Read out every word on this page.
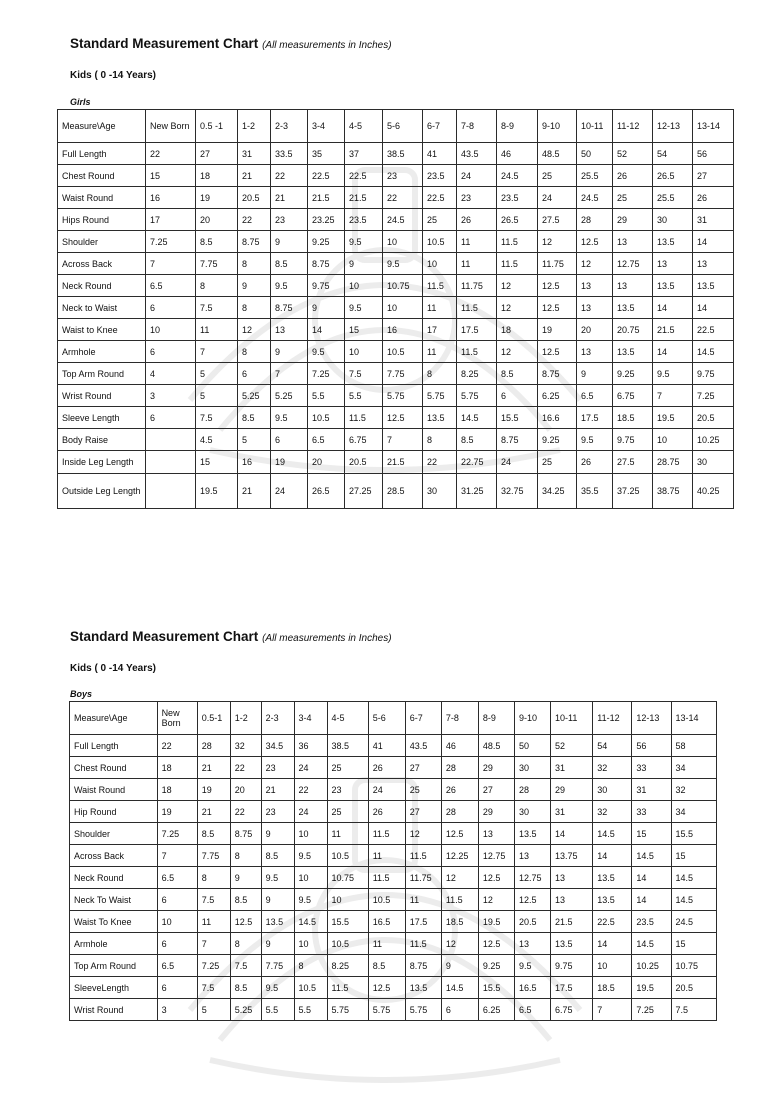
Standard Measurement Chart (All measurements in Inches)

Kids ( 0 -14 Years)

Girls

Measure\Age	New Born	0.5 -1	1-2	2-3	3-4	4-5	5-6	6-7	7-8	8-9	9-10	10-11	11-12	12-13	13-14
Full Length	22	27	31	33.5	35	37	38.5	41	43.5	46	48.5	50	52	54	56
Chest Round	15	18	21	22	22.5	22.5	23	23.5	24	24.5	25	25.5	26	26.5	27
Waist Round	16	19	20.5	21	21.5	21.5	22	22.5	23	23.5	24	24.5	25	25.5	26
Hips Round	17	20	22	23	23.25	23.5	24.5	25	26	26.5	27.5	28	29	30	31
Shoulder	7.25	8.5	8.75	9	9.25	9.5	10	10.5	11	11.5	12	12.5	13	13.5	14
Across Back	7	7.75	8	8.5	8.75	9	9.5	10	11	11.5	11.75	12	12.75	13	13
Neck Round	6.5	8	9	9.5	9.75	10	10.75	11.5	11.75	12	12.5	13	13	13.5	13.5
Neck to Waist	6	7.5	8	8.75	9	9.5	10	11	11.5	12	12.5	13	13.5	14	14
Waist to Knee	10	11	12	13	14	15	16	17	17.5	18	19	20	20.75	21.5	22.5
Armhole	6	7	8	9	9.5	10	10.5	11	11.5	12	12.5	13	13.5	14	14.5
Top Arm Round	4	5	6	7	7.25	7.5	7.75	8	8.25	8.5	8.75	9	9.25	9.5	9.75
Wrist Round	3	5	5.25	5.25	5.5	5.5	5.75	5.75	5.75	6	6.25	6.5	6.75	7	7.25
Sleeve Length	6	7.5	8.5	9.5	10.5	11.5	12.5	13.5	14.5	15.5	16.6	17.5	18.5	19.5	20.5
Body Raise		4.5	5	6	6.5	6.75	7	8	8.5	8.75	9.25	9.5	9.75	10	10.25
Inside Leg Length		15	16	19	20	20.5	21.5	22	22.75	24	25	26	27.5	28.75	30
Outside Leg Length		19.5	21	24	26.5	27.25	28.5	30	31.25	32.75	34.25	35.5	37.25	38.75	40.25

Standard Measurement Chart (All measurements in Inches)

Kids ( 0 -14 Years)

Boys

Measure\Age	New Born	0.5-1	1-2	2-3	3-4	4-5	5-6	6-7	7-8	8-9	9-10	10-11	11-12	12-13	13-14
Full Length	22	28	32	34.5	36	38.5	41	43.5	46	48.5	50	52	54	56	58
Chest Round	18	21	22	23	24	25	26	27	28	29	30	31	32	33	34
Waist Round	18	19	20	21	22	23	24	25	26	27	28	29	30	31	32
Hip Round	19	21	22	23	24	25	26	27	28	29	30	31	32	33	34
Shoulder	7.25	8.5	8.75	9	10	11	11.5	12	12.5	13	13.5	14	14.5	15	15.5
Across Back	7	7.75	8	8.5	9.5	10.5	11	11.5	12.25	12.75	13	13.75	14	14.5	15
Neck Round	6.5	8	9	9.5	10	10.75	11.5	11.75	12	12.5	12.75	13	13.5	14	14.5
Neck To Waist	6	7.5	8.5	9	9.5	10	10.5	11	11.5	12	12.5	13	13.5	14	14.5
Waist To Knee	10	11	12.5	13.5	14.5	15.5	16.5	17.5	18.5	19.5	20.5	21.5	22.5	23.5	24.5
Armhole	6	7	8	9	10	10.5	11	11.5	12	12.5	13	13.5	14	14.5	15
Top Arm Round	6.5	7.25	7.5	7.75	8	8.25	8.5	8.75	9	9.25	9.5	9.75	10	10.25	10.75
SleeveLength	6	7.5	8.5	9.5	10.5	11.5	12.5	13.5	14.5	15.5	16.5	17.5	18.5	19.5	20.5
Wrist Round	3	5	5.25	5.5	5.5	5.75	5.75	5.75	6	6.25	6.5	6.75	7	7.25	7.5
